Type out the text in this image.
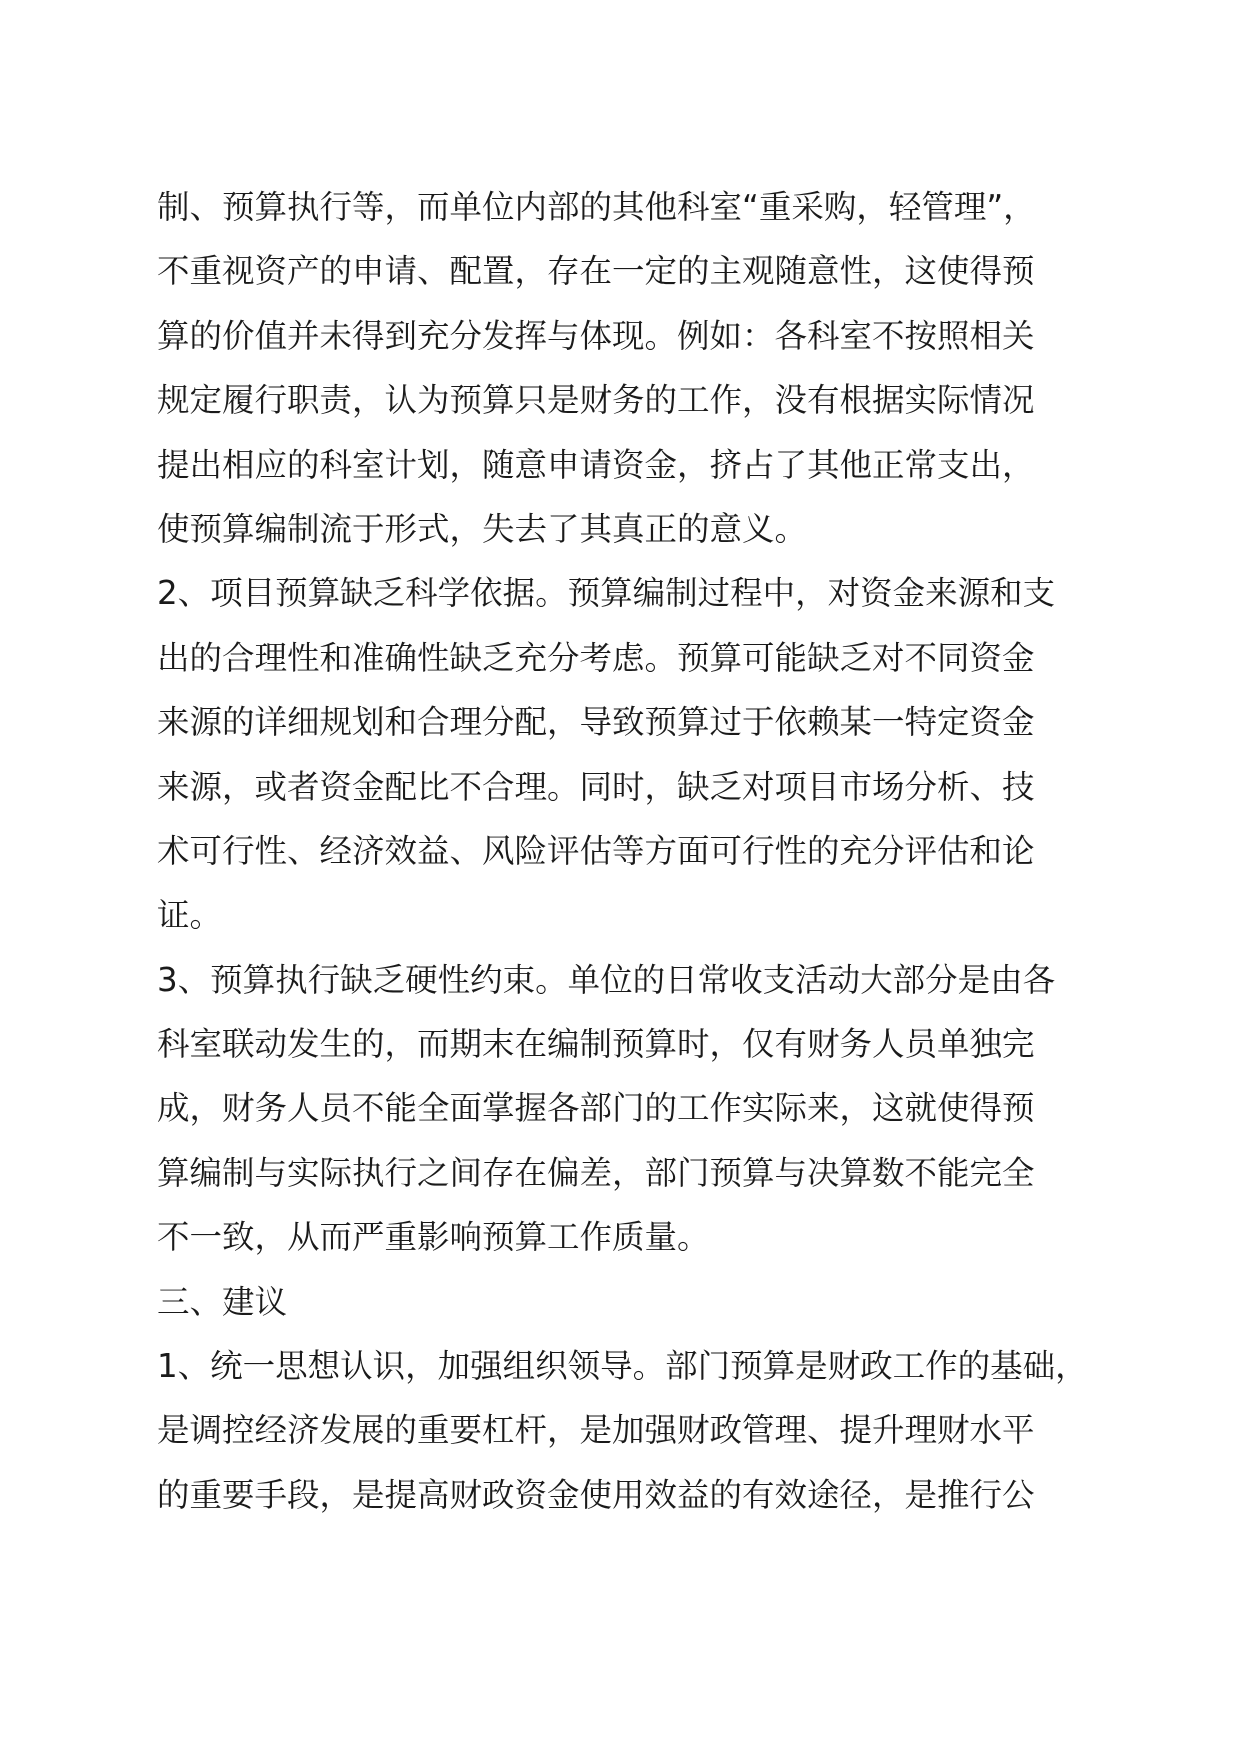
制、预算执行等，而单位内部的其他科室“重采购，轻管理”，
不重视资产的申请、配置，存在一定的主观随意性，这使得预
算的价值并未得到充分发挥与体现。例如：各科室不按照相关
规定履行职责，认为预算只是财务的工作，没有根据实际情况
提出相应的科室计划，随意申请资金，挤占了其他正常支出，
使预算编制流于形式，失去了其真正的意义。
2、项目预算缺乏科学依据。预算编制过程中，对资金来源和支
出的合理性和准确性缺乏充分考虑。预算可能缺乏对不同资金
来源的详细规划和合理分配，导致预算过于依赖某一特定资金
来源，或者资金配比不合理。同时，缺乏对项目市场分析、技
术可行性、经济效益、风险评估等方面可行性的充分评估和论
证。
3、预算执行缺乏硬性约束。单位的日常收支活动大部分是由各
科室联动发生的，而期末在编制预算时，仅有财务人员单独完
成，财务人员不能全面掌握各部门的工作实际来，这就使得预
算编制与实际执行之间存在偏差，部门预算与决算数不能完全
不一致，从而严重影响预算工作质量。
三、建议
1、统一思想认识，加强组织领导。部门预算是财政工作的基础，
是调控经济发展的重要杠杆，是加强财政管理、提升理财水平
的重要手段，是提高财政资金使用效益的有效途径，是推行公
